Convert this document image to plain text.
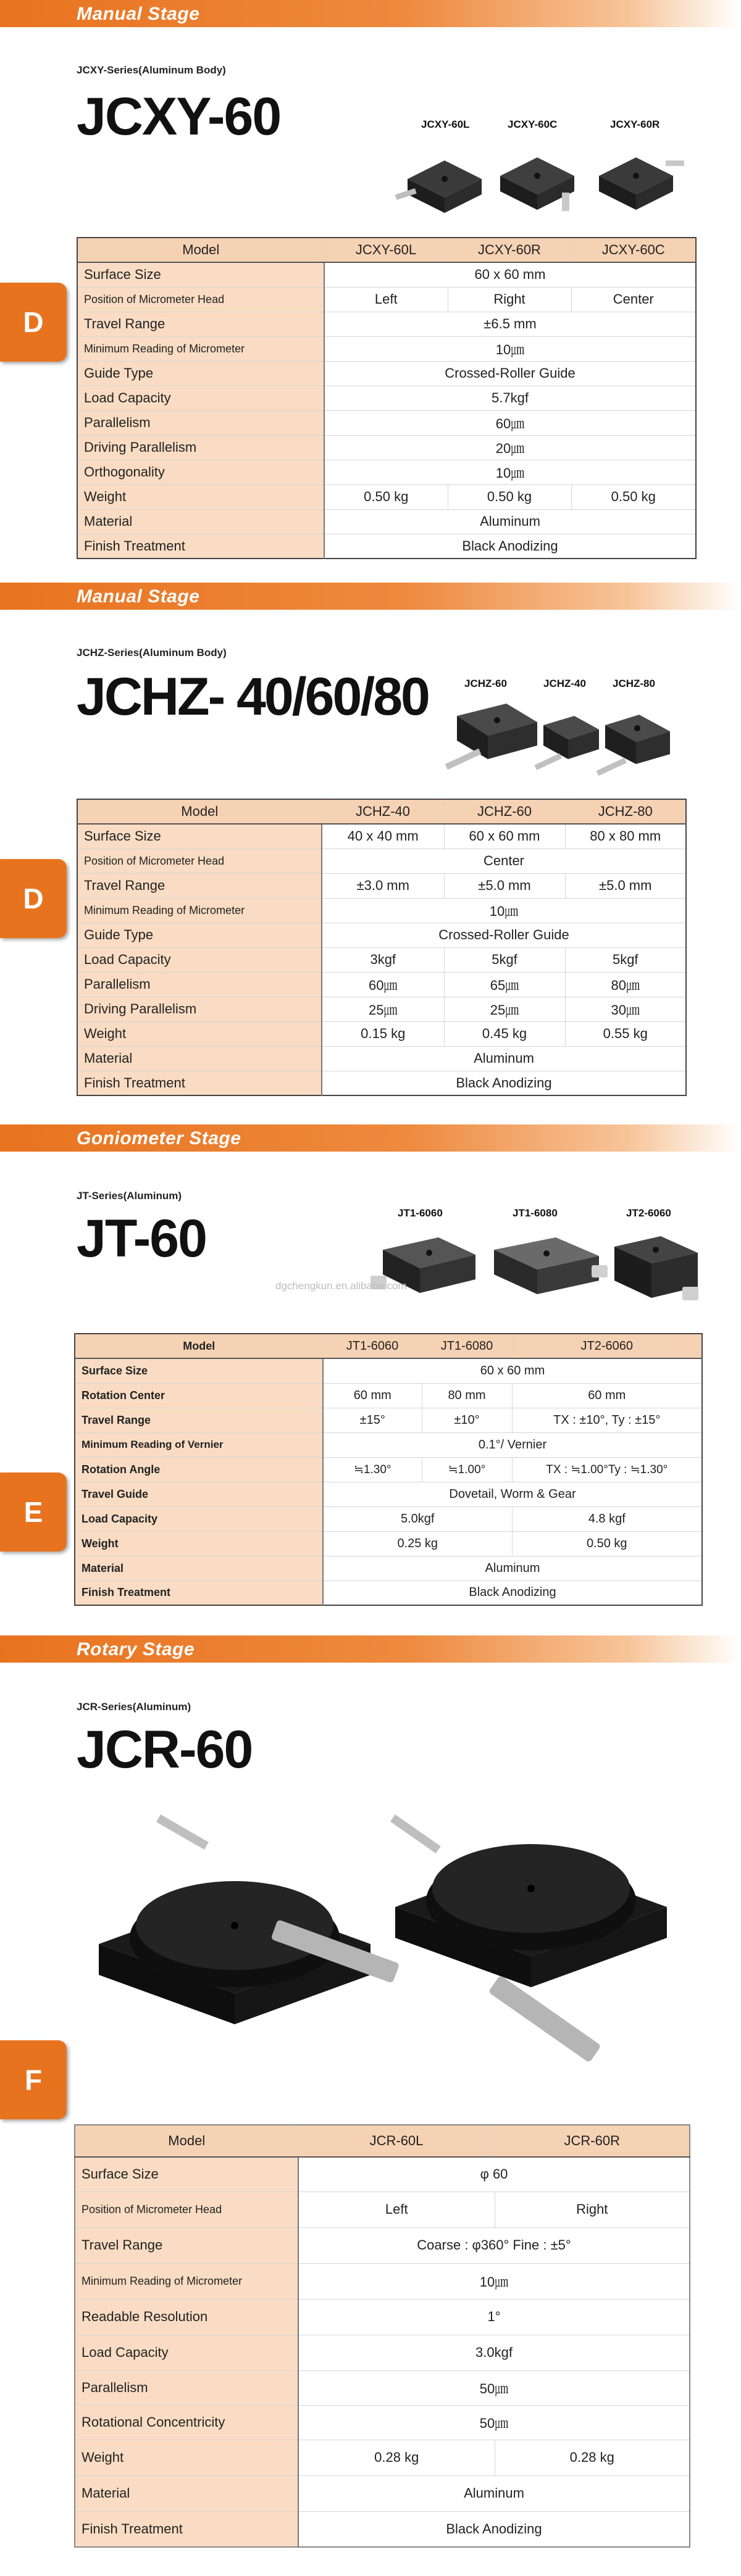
Manual Stage
JCXY-Series(Aluminum Body)
JCXY-60	JCXY-60L	JCXY-60C	JCXY-60R
D
Model	JCXY-60L	JCXY-60R	JCXY-60C
Surface Size	60 x 60 mm		
Position of Micrometer Head	Left	Right	Center
Travel Range	±6.5 mm		
Minimum Reading of Micrometer	10㎛		
Guide Type	Crossed-Roller Guide		
Load Capacity	5.7kgf		
Parallelism	60㎛		
Driving Parallelism	20㎛		
Orthogonality	10㎛		
Weight	0.50 kg	0.50 kg	0.50 kg
Material	Aluminum		
Finish Treatment	Black Anodizing		
Manual Stage
JCHZ-Series(Aluminum Body)
JCHZ- 40/60/80	JCHZ-60	JCHZ-40	JCHZ-80
D
Model	JCHZ-40	JCHZ-60	JCHZ-80
Surface Size	40 x 40 mm	60 x 60 mm	80 x 80 mm
Position of Micrometer Head	Center		
Travel Range	±3.0 mm	±5.0 mm	±5.0 mm
Minimum Reading of Micrometer	10㎛		
Guide Type	Crossed-Roller Guide		
Load Capacity	3kgf	5kgf	5kgf
Parallelism	60㎛	65㎛	80㎛
Driving Parallelism	25㎛	25㎛	30㎛
Weight	0.15 kg	0.45 kg	0.55 kg
Material	Aluminum		
Finish Treatment	Black Anodizing		
Goniometer Stage
JT-Series(Aluminum)
JT-60	JT1-6060	JT1-6080	JT2-6060
dgchengkun.en.alibaba.com
E
Model	JT1-6060	JT1-6080	JT2-6060
Surface Size	60 x 60 mm		
Rotation Center	60 mm	80 mm	60 mm
Travel Range	±15°	±10°	TX : ±10°, Ty : ±15°
Minimum Reading of Vernier	0.1°/ Vernier		
Rotation Angle	≒1.30°	≒1.00°	TX : ≒1.00°Ty : ≒1.30°
Travel Guide	Dovetail, Worm & Gear		
Load Capacity	5.0kgf		4.8 kgf
Weight	0.25 kg		0.50 kg
Material	Aluminum		
Finish Treatment	Black Anodizing		
Rotary Stage
JCR-Series(Aluminum)
JCR-60
F
Model	JCR-60L	JCR-60R
Surface Size	φ 60	
Position of Micrometer Head	Left	Right
Travel Range	Coarse : φ360° Fine : ±5°	
Minimum Reading of Micrometer	10㎛	
Readable Resolution	1°	
Load Capacity	3.0kgf	
Parallelism	50㎛	
Rotational Concentricity	50㎛	
Weight	0.28 kg	0.28 kg
Material	Aluminum	
Finish Treatment	Black Anodizing	
